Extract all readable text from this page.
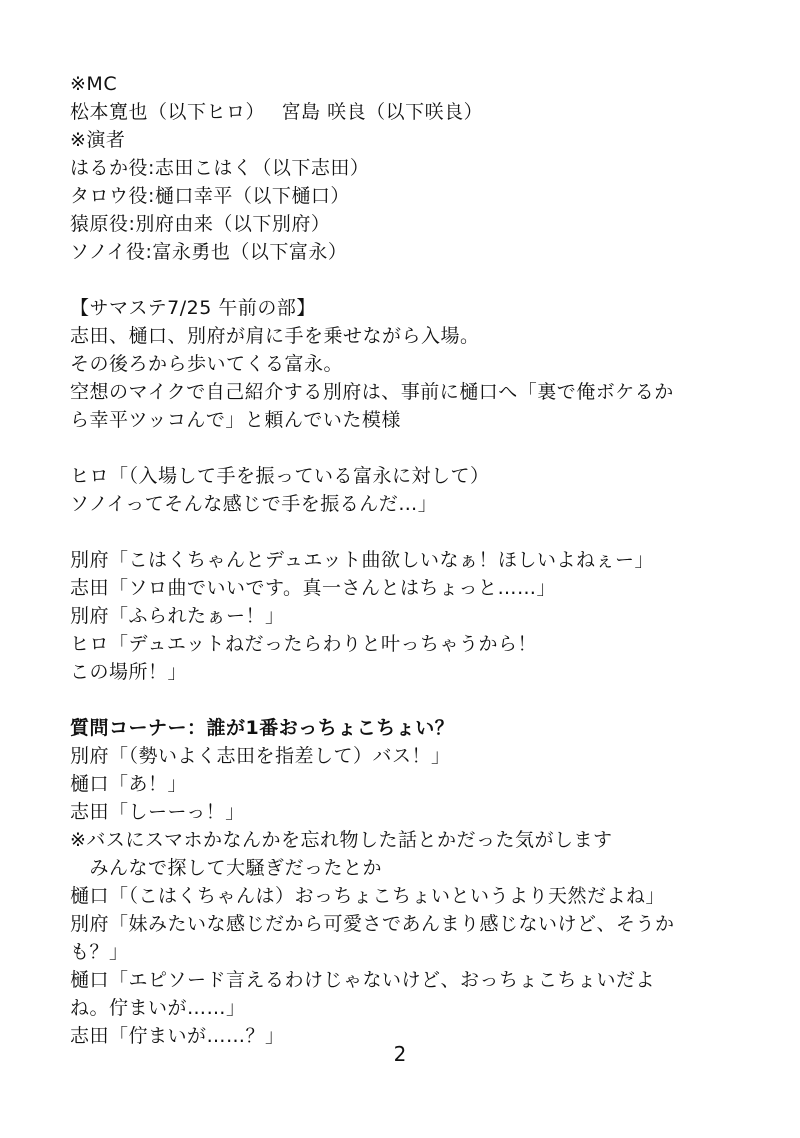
※MC
松本寛也（以下ヒロ）　 宮島 咲良（以下咲良）
※演者
はるか役:志田こはく（以下志田）
タロウ役:樋口幸平（以下樋口）
猿原役:別府由来（以下別府）
ソノイ役:富永勇也（以下富永）
【サマステ7/25 午前の部】
志田、樋口、別府が肩に手を乗せながら入場。
その後ろから歩いてくる富永。
空想のマイクで自己紹介する別府は、事前に樋口へ「裏で俺ボケるか
ら幸平ツッコんで」と頼んでいた模様
ヒロ「（入場して手を振っている富永に対して）
ソノイってそんな感じで手を振るんだ…」
別府「こはくちゃんとデュエット曲欲しいなぁ！ほしいよねぇー」
志田「ソロ曲でいいです。真一さんとはちょっと……」
別府「ふられたぁー！」
ヒロ「デュエットねだったらわりと叶っちゃうから！
この場所！」
質問コーナー：誰が1番おっちょこちょい？
別府「（勢いよく志田を指差して）バス！」
樋口「あ！」
志田「しーーっ！」
※バスにスマホかなんかを忘れ物した話とかだった気がします
　みんなで探して大騒ぎだったとか
樋口「（こはくちゃんは）おっちょこちょいというより天然だよね」
別府「妹みたいな感じだから可愛さであんまり感じないけど、そうか
も？」
樋口「エピソード言えるわけじゃないけど、おっちょこちょいだよ
ね。佇まいが……」
志田「佇まいが……？」
2
